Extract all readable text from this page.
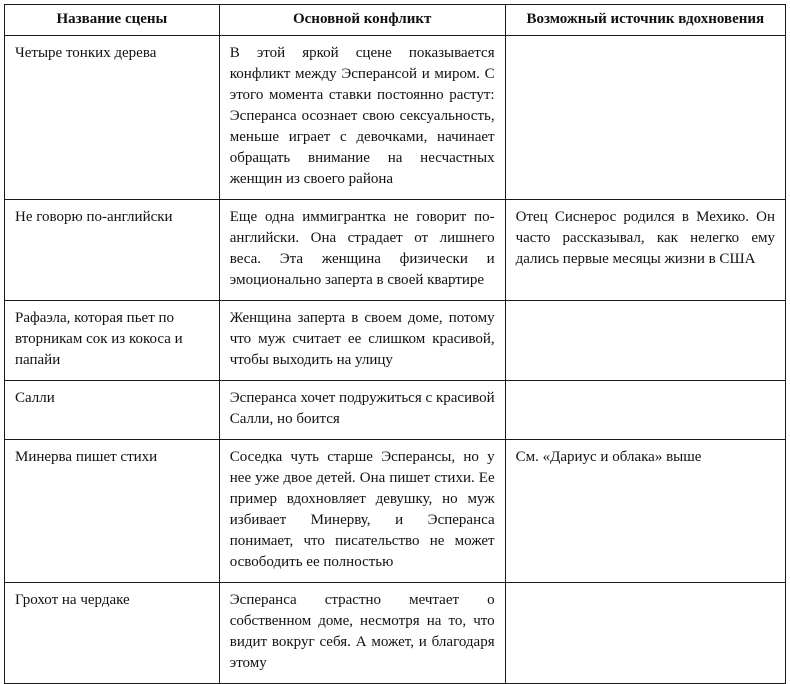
Название сцены	Основной конфликт	Возможный источник вдохновения
Четыре тонких дерева	В этой яркой сцене показывается конфликт между Эсперансой и миром. С этого момента ставки постоянно растут: Эсперанса осознает свою сексуальность, меньше играет с девочками, начинает обращать внимание на несчастных женщин из своего района	
Не говорю по-английски	Еще одна иммигрантка не говорит по-английски. Она страдает от лишнего веса. Эта женщина физически и эмоционально заперта в своей квартире	Отец Сиснерос родился в Мехико. Он часто рассказывал, как нелегко ему дались первые месяцы жизни в США
Рафаэла, которая пьет по вторникам сок из кокоса и папайи	Женщина заперта в своем доме, потому что муж считает ее слишком красивой, чтобы выходить на улицу	
Салли	Эсперанса хочет подружиться с красивой Салли, но боится	
Минерва пишет стихи	Соседка чуть старше Эсперансы, но у нее уже двое детей. Она пишет стихи. Ее пример вдохновляет девушку, но муж избивает Минерву, и Эсперанса понимает, что писательство не может освободить ее полностью	См. «Дариус и облака» выше
Грохот на чердаке	Эсперанса страстно мечтает о собственном доме, несмотря на то, что видит вокруг себя. А может, и благодаря этому	
